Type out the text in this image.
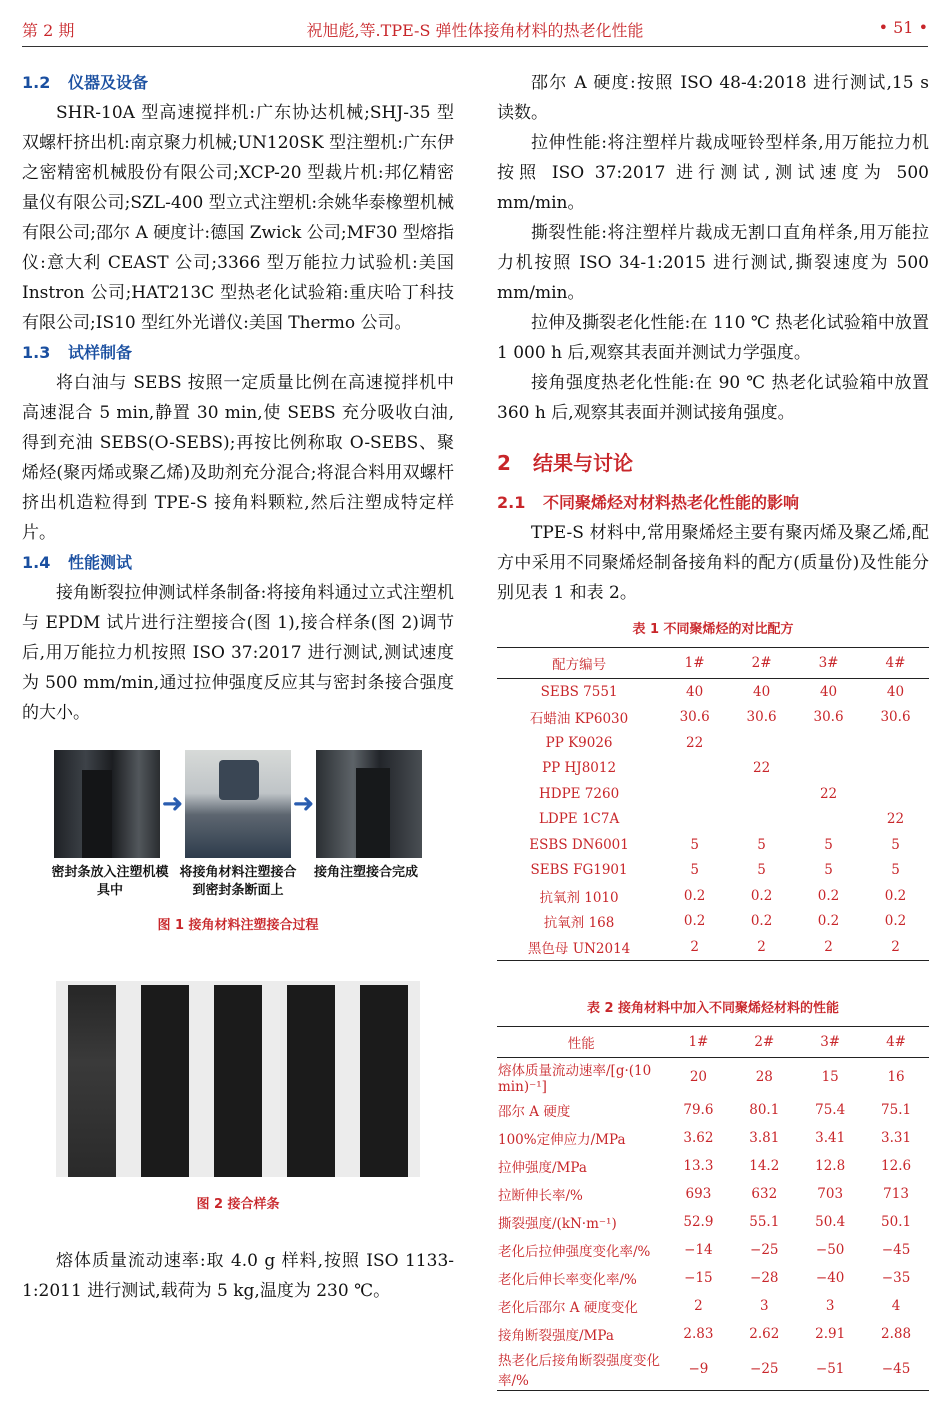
第 2 期	祝旭彪,等.TPE-S 弹性体接角材料的热老化性能	• 51 •
1.2 仪器及设备

SHR-10A 型高速搅拌机:广东协达机械;SHJ-35 型双螺杆挤出机:南京聚力机械;UN120SK 型注塑机:广东伊之密精密机械股份有限公司;XCP-20 型裁片机:邦亿精密量仪有限公司;SZL-400 型立式注塑机:余姚华泰橡塑机械有限公司;邵尔 A 硬度计:德国 Zwick 公司;MF30 型熔指仪:意大利 CEAST 公司;3366 型万能拉力试验机:美国 Instron 公司;HAT213C 型热老化试验箱:重庆哈丁科技有限公司;IS10 型红外光谱仪:美国 Thermo 公司。

1.3 试样制备

将白油与 SEBS 按照一定质量比例在高速搅拌机中高速混合 5 min,静置 30 min,使 SEBS 充分吸收白油,得到充油 SEBS(O-SEBS);再按比例称取 O-SEBS、聚烯烃(聚丙烯或聚乙烯)及助剂充分混合;将混合料用双螺杆挤出机造粒得到 TPE-S 接角料颗粒,然后注塑成特定样片。

1.4 性能测试

接角断裂拉伸测试样条制备:将接角料通过立式注塑机与 EPDM 试片进行注塑接合(图 1),接合样条(图 2)调节后,用万能拉力机按照 ISO 37:2017 进行测试,测试速度为 500 mm/min,通过拉伸强度反应其与密封条接合强度的大小。

➜	➜
密封条放入注塑机模具中
将接角材料注塑接合到密封条断面上
接角注塑接合完成
图 1 接角材料注塑接合过程
图 2 接合样条

熔体质量流动速率:取 4.0 g 样料,按照 ISO 1133-1:2011 进行测试,载荷为 5 kg,温度为 230 ℃。

邵尔 A 硬度:按照 ISO 48-4:2018 进行测试,15 s 读数。

拉伸性能:将注塑样片裁成哑铃型样条,用万能拉力机按照 ISO 37:2017 进行测试,测试速度为 500 mm/min。

撕裂性能:将注塑样片裁成无割口直角样条,用万能拉力机按照 ISO 34-1:2015 进行测试,撕裂速度为 500 mm/min。

拉伸及撕裂老化性能:在 110 ℃ 热老化试验箱中放置 1 000 h 后,观察其表面并测试力学强度。

接角强度热老化性能:在 90 ℃ 热老化试验箱中放置 360 h 后,观察其表面并测试接角强度。

2 结果与讨论
2.1 不同聚烯烃对材料热老化性能的影响

TPE-S 材料中,常用聚烯烃主要有聚丙烯及聚乙烯,配方中采用不同聚烯烃制备接角料的配方(质量份)及性能分别见表 1 和表 2。

表 1 不同聚烯烃的对比配方
配方编号	1#	2#	3#	4#
SEBS 7551	40	40	40	40
石蜡油 KP6030	30.6	30.6	30.6	30.6
PP K9026	22			
PP HJ8012		22		
HDPE 7260			22	
LDPE 1C7A				22
ESBS DN6001	5	5	5	5
SEBS FG1901	5	5	5	5
抗氧剂 1010	0.2	0.2	0.2	0.2
抗氧剂 168	0.2	0.2	0.2	0.2
黑色母 UN2014	2	2	2	2
表 2 接角材料中加入不同聚烯烃材料的性能
性能	1#	2#	3#	4#
熔体质量流动速率/[g·(10 min)⁻¹]	20	28	15	16
邵尔 A 硬度	79.6	80.1	75.4	75.1
100%定伸应力/MPa	3.62	3.81	3.41	3.31
拉伸强度/MPa	13.3	14.2	12.8	12.6
拉断伸长率/%	693	632	703	713
撕裂强度/(kN·m⁻¹)	52.9	55.1	50.4	50.1
老化后拉伸强度变化率/%	−14	−25	−50	−45
老化后伸长率变化率/%	−15	−28	−40	−35
老化后邵尔 A 硬度变化	2	3	3	4
接角断裂强度/MPa	2.83	2.62	2.91	2.88
热老化后接角断裂强度变化率/%	−9	−25	−51	−45
